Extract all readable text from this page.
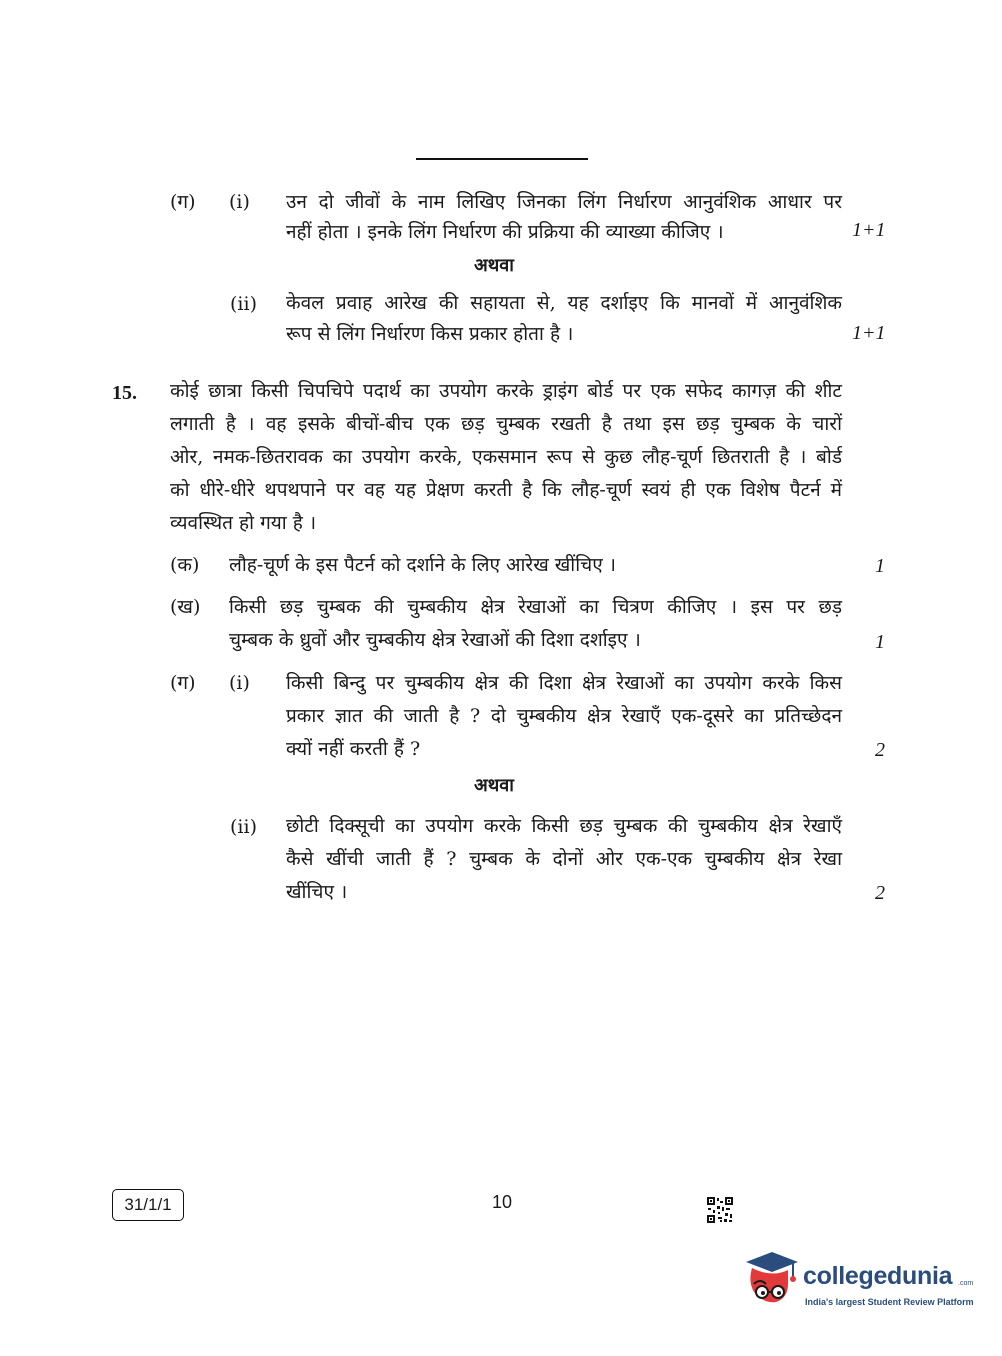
(ग) (i) उन दो जीवों के नाम लिखिए जिनका लिंग निर्धारण आनुवंशिक आधार पर
नहीं होता । इनके लिंग निर्धारण की प्रक्रिया की व्याख्या कीजिए ।	1+1
अथवा
(ii) केवल प्रवाह आरेख की सहायता से, यह दर्शाइए कि मानवों में आनुवंशिक
रूप से लिंग निर्धारण किस प्रकार होता है ।	1+1
15. कोई छात्रा किसी चिपचिपे पदार्थ का उपयोग करके ड्राइंग बोर्ड पर एक सफेद कागज़ की शीट
लगाती है । वह इसके बीचों-बीच एक छड़ चुम्बक रखती है तथा इस छड़ चुम्बक के चारों
ओर, नमक-छितरावक का उपयोग करके, एकसमान रूप से कुछ लौह-चूर्ण छितराती है । बोर्ड
को धीरे-धीरे थपथपाने पर वह यह प्रेक्षण करती है कि लौह-चूर्ण स्वयं ही एक विशेष पैटर्न में
व्यवस्थित हो गया है ।
(क) लौह-चूर्ण के इस पैटर्न को दर्शाने के लिए आरेख खींचिए ।	1
(ख) किसी छड़ चुम्बक की चुम्बकीय क्षेत्र रेखाओं का चित्रण कीजिए । इस पर छड़
चुम्बक के ध्रुवों और चुम्बकीय क्षेत्र रेखाओं की दिशा दर्शाइए ।	1
(ग) (i) किसी बिन्दु पर चुम्बकीय क्षेत्र की दिशा क्षेत्र रेखाओं का उपयोग करके किस
प्रकार ज्ञात की जाती है ? दो चुम्बकीय क्षेत्र रेखाएँ एक-दूसरे का प्रतिच्छेदन
क्यों नहीं करती हैं ?	2
अथवा
(ii) छोटी दिक्सूची का उपयोग करके किसी छड़ चुम्बक की चुम्बकीय क्षेत्र रेखाएँ
कैसे खींची जाती हैं ? चुम्बक के दोनों ओर एक-एक चुम्बकीय क्षेत्र रेखा
खींचिए ।	2
31/1/1	10
collegedunia .com
India's largest Student Review Platform
